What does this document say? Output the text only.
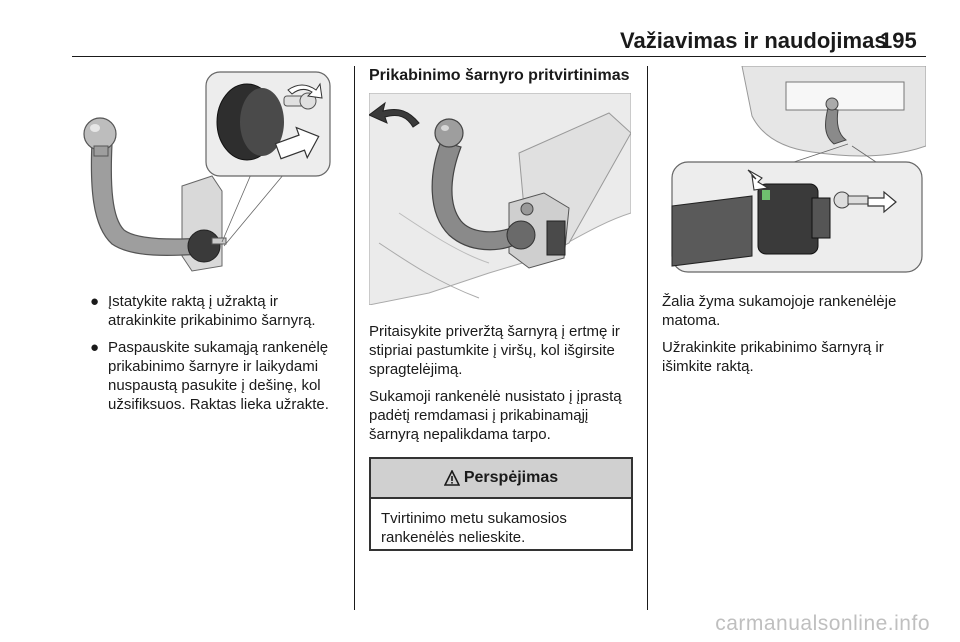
Važiavimas ir naudojimas
195
● Įstatykite raktą į užraktą ir atrakinkite prikabinimo šarnyrą.
● Paspauskite sukamąją rankenėlę prikabinimo šarnyre ir laikydami nuspaustą pasukite į dešinę, kol užsifiksuos. Raktas lieka užrakte.
Prikabinimo šarnyro pritvirtinimas

Pritaisykite priveržtą šarnyrą į ertmę ir stipriai pastumkite į viršų, kol išgirsite spragtelėjimą.

Sukamoji rankenėlė nusistato į įprastą padėtį remdamasi į prikabinamąjį šarnyrą nepalikdama tarpo.

Perspėjimas
Tvirtinimo metu sukamosios rankenėlės nelieskite.

Žalia žyma sukamojoje rankenėlėje matoma.

Užrakinkite prikabinimo šarnyrą ir išimkite raktą.

carmanualsonline.info
